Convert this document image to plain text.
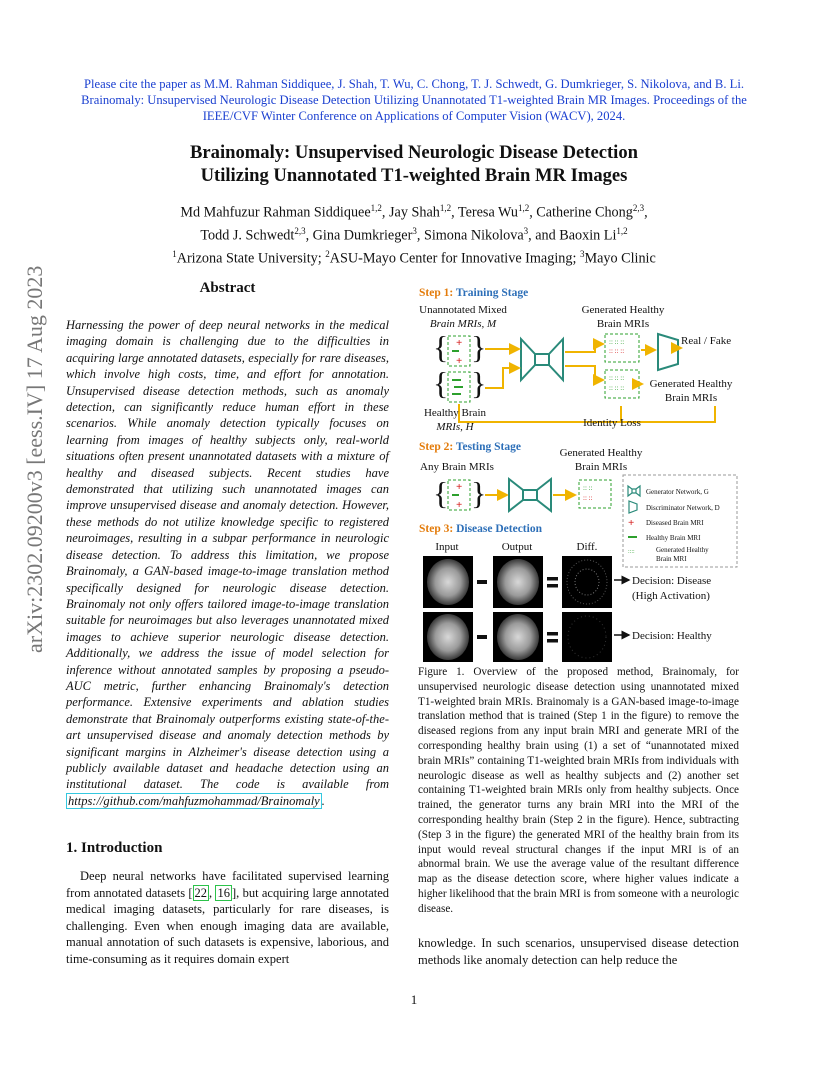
Please cite the paper as M.M. Rahman Siddiquee, J. Shah, T. Wu, C. Chong, T. J. Schwedt, G. Dumkrieger, S. Nikolova, and B. Li. Brainomaly: Unsupervised Neurologic Disease Detection Utilizing Unannotated T1-weighted Brain MR Images. Proceedings of the IEEE/CVF Winter Conference on Applications of Computer Vision (WACV), 2024.
Brainomaly: Unsupervised Neurologic Disease Detection
Utilizing Unannotated T1-weighted Brain MR Images
Md Mahfuzur Rahman Siddiquee$^{1,2}$, Jay Shah$^{1,2}$, Teresa Wu$^{1,2}$, Catherine Chong$^{2,3}$,
Todd J. Schwedt$^{2,3}$, Gina Dumkrieger$^3$, Simona Nikolova$^3$, and Baoxin Li$^{1,2}$
$^1$Arizona State University; $^2$ASU-Mayo Center for Innovative Imaging; $^3$Mayo Clinic
arXiv:2302.09200v3 [eess.IV] 17 Aug 2023	Abstract
Harnessing the power of deep neural networks in the medical imaging domain is challenging due to the difficulties in acquiring large annotated datasets, especially for rare diseases, which involve high costs, time, and effort for annotation. Unsupervised disease detection methods, such as anomaly detection, can significantly reduce human effort in these scenarios. While anomaly detection typically focuses on learning from images of healthy subjects only, real-world situations often present unannotated datasets with a mixture of healthy and diseased subjects. Recent studies have demonstrated that utilizing such unannotated images can improve unsupervised disease and anomaly detection. However, these methods do not utilize knowledge specific to registered neuroimages, resulting in a subpar performance in neurologic disease detection. To address this limitation, we propose Brainomaly, a GAN-based image-to-image translation method specifically designed for neurologic disease detection. Brainomaly not only offers tailored image-to-image translation suitable for neuroimages but also leverages unannotated mixed images to achieve superior neurologic disease detection. Additionally, we address the issue of model selection for inference without annotated samples by proposing a pseudo-AUC metric, further enhancing Brainomaly's detection performance. Extensive experiments and ablation studies demonstrate that Brainomaly outperforms existing state-of-the-art unsupervised disease and anomaly detection methods by significant margins in Alzheimer's disease detection using a publicly available dataset and headache detection using an institutional dataset. The code is available from https://github.com/mahfuzmohammad/Brainomaly .
1. Introduction
Deep neural networks have facilitated supervised learning from annotated datasets [ 22 , 16 ], but acquiring large annotated medical imaging datasets, particularly for rare diseases, is challenging. Even when enough imaging data are available, manual annotation of such datasets is expensive, laborious, and time-consuming as it requires domain expert
Step 1: Training Stage
Unannotated Mixed
Brain MRIs, M
Generated Healthy
Brain MRIs
{ }
+
+
{ }
:: :: ::
:: :: ::
:: :: ::
:: :: ::
Real / Fake
Generated Healthy
Brain MRIs
Healthy Brain
MRIs, H	Identity Loss
Step 2: Testing Stage
Any Brain MRIs
Generated Healthy
Brain MRIs
{ }
+
+
:: ::
:: ::
Generator Network, G
Discriminator Network, D
+ Diseased Brain MRI
Healthy Brain MRI
::::	Generated Healthy
Brain MRI
Step 3: Disease Detection
Input	Output	Diff.
Decision: Disease
(High Activation)
Decision: Healthy
Figure 1. Overview of the proposed method, Brainomaly, for unsupervised neurologic disease detection using unannotated mixed T1-weighted brain MRIs. Brainomaly is a GAN-based image-to-image translation method that is trained (Step 1 in the figure) to remove the diseased regions from any input brain MRI and generate MRI of the corresponding healthy brain using (1) a set of “unannotated mixed brain MRIs” containing T1-weighted brain MRIs from individuals with neurologic disease as well as healthy subjects and (2) another set containing T1-weighted brain MRIs only from healthy subjects. Once trained, the generator turns any brain MRI into the MRI of the corresponding healthy brain (Step 2 in the figure). Hence, subtracting (Step 3 in the figure) the generated MRI of the healthy brain from its input would reveal structural changes if the input MRI is of an abnormal brain. We use the average value of the resultant difference map as the disease detection score, where higher values indicate a higher likelihood that the brain MRI is from someone with a neurologic disease.
knowledge. In such scenarios, unsupervised disease detection methods like anomaly detection can help reduce the
1
